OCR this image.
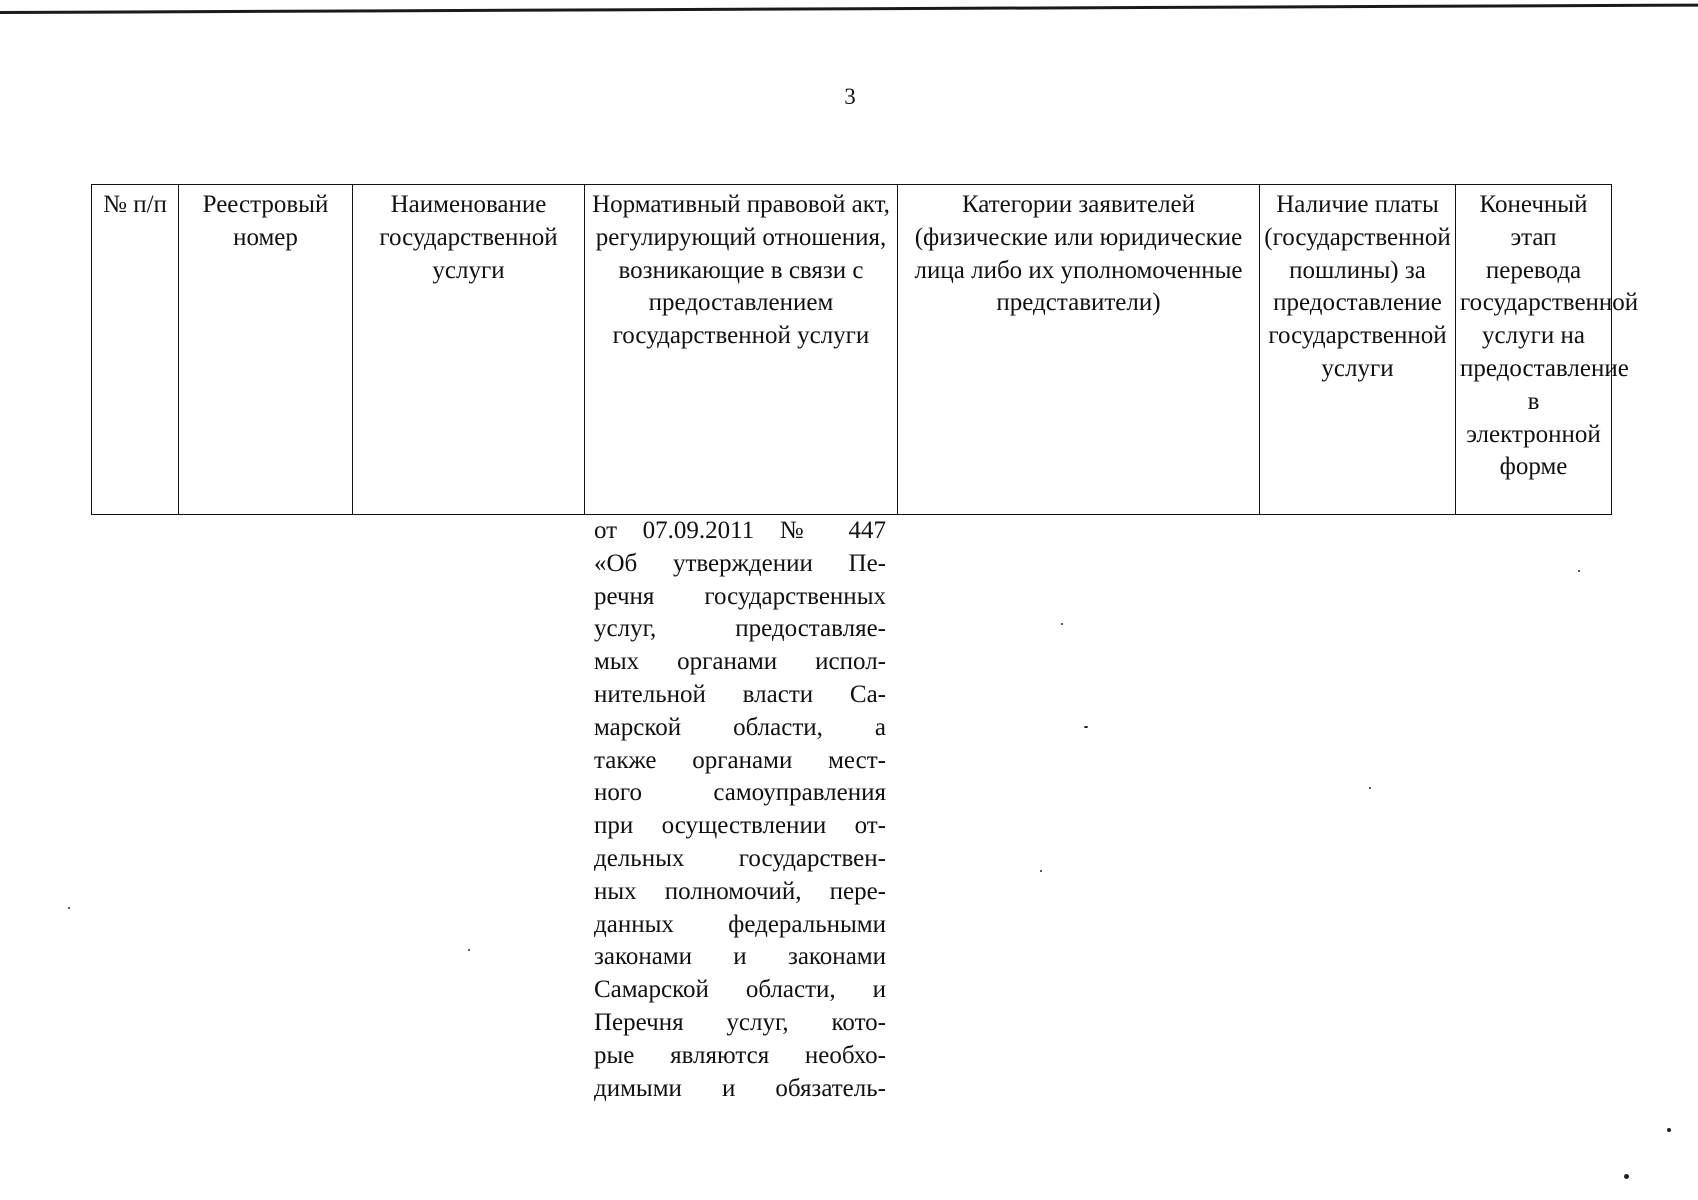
3
№ п/п	Реестровый номер	Наименование государственной услуги	Нормативный правовой акт, регулирующий отношения, возникающие в связи с предоставлением государственной услуги	Категории заявителей (физические или юридические лица либо их уполномоченные представители)	Наличие платы (государственной пошлины) за предоставление государственной услуги	Конечный этап перевода государственной услуги на предоставление в электронной форме
от 07.09.2011 № 447
«Об утверждении Пе-
речня государственных
услуг, предоставляе-
мых органами испол-
нительной власти Са-
марской области, а
также органами мест-
ного самоуправления
при осуществлении от-
дельных государствен-
ных полномочий, пере-
данных федеральными
законами и законами
Самарской области, и
Перечня услуг, кото-
рые являются необхо-
димыми и обязатель-
